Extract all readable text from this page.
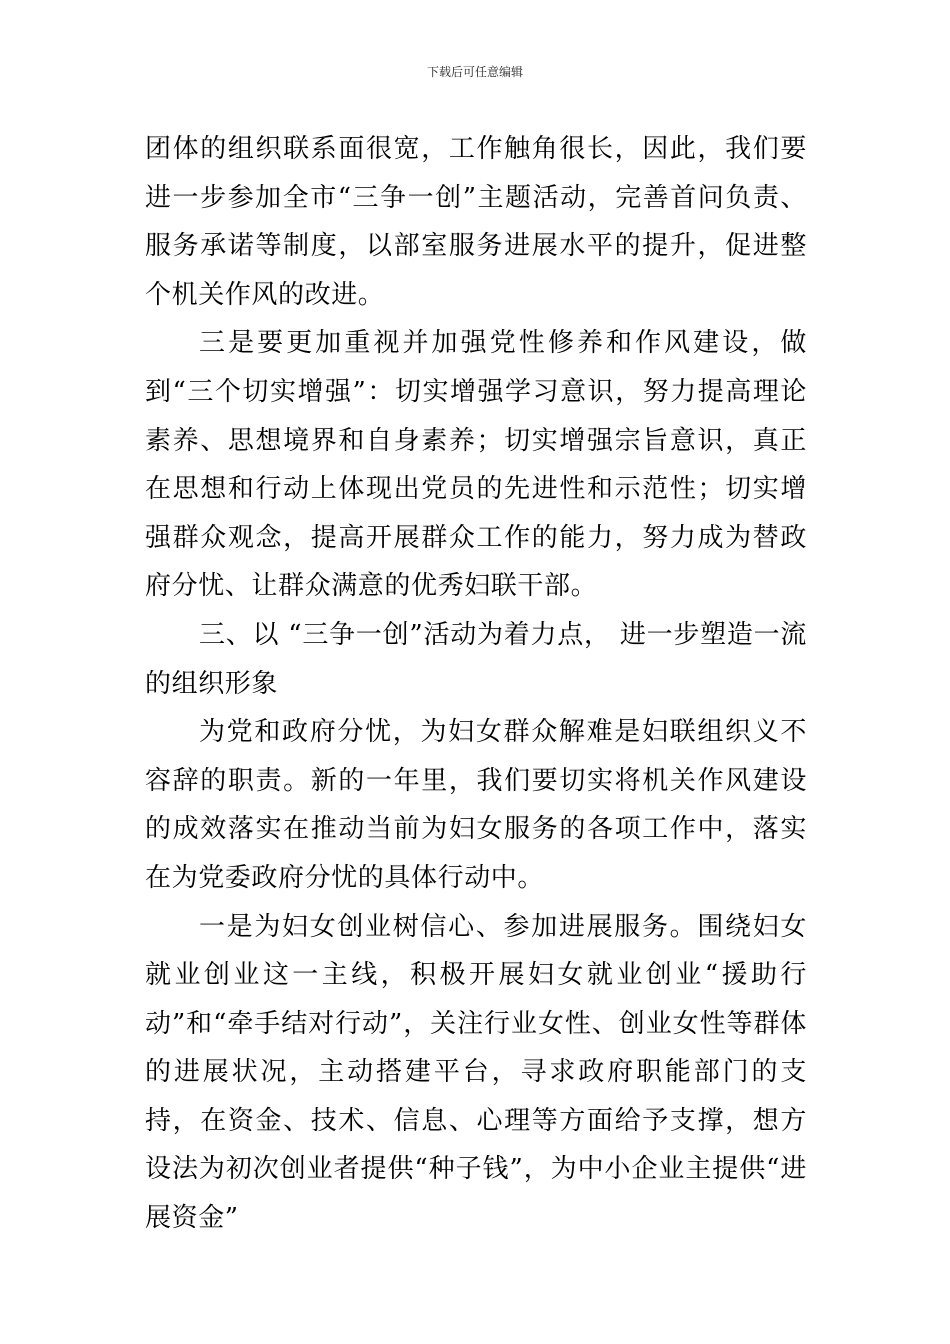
下载后可任意编辑

团体的组织联系面很宽，工作触角很长，因此，我们要进一步参加全市“三争一创”主题活动，完善首问负责、服务承诺等制度，以部室服务进展水平的提升，促进整个机关作风的改进。

三是要更加重视并加强党性修养和作风建设，做到“三个切实增强”：切实增强学习意识，努力提高理论素养、思想境界和自身素养；切实增强宗旨意识，真正在思想和行动上体现出党员的先进性和示范性；切实增强群众观念，提高开展群众工作的能力，努力成为替政府分忧、让群众满意的优秀妇联干部。

三、以 “三争一创”活动为着力点， 进一步塑造一流的组织形象

为党和政府分忧，为妇女群众解难是妇联组织义不容辞的职责。新的一年里，我们要切实将机关作风建设的成效落实在推动当前为妇女服务的各项工作中，落实在为党委政府分忧的具体行动中。

一是为妇女创业树信心、参加进展服务。围绕妇女就业创业这一主线，积极开展妇女就业创业“援助行动”和“牵手结对行动”，关注行业女性、创业女性等群体的进展状况，主动搭建平台，寻求政府职能部门的支持，在资金、技术、信息、心理等方面给予支撑，想方设法为初次创业者提供“种子钱”，为中小企业主提供“进展资金”
